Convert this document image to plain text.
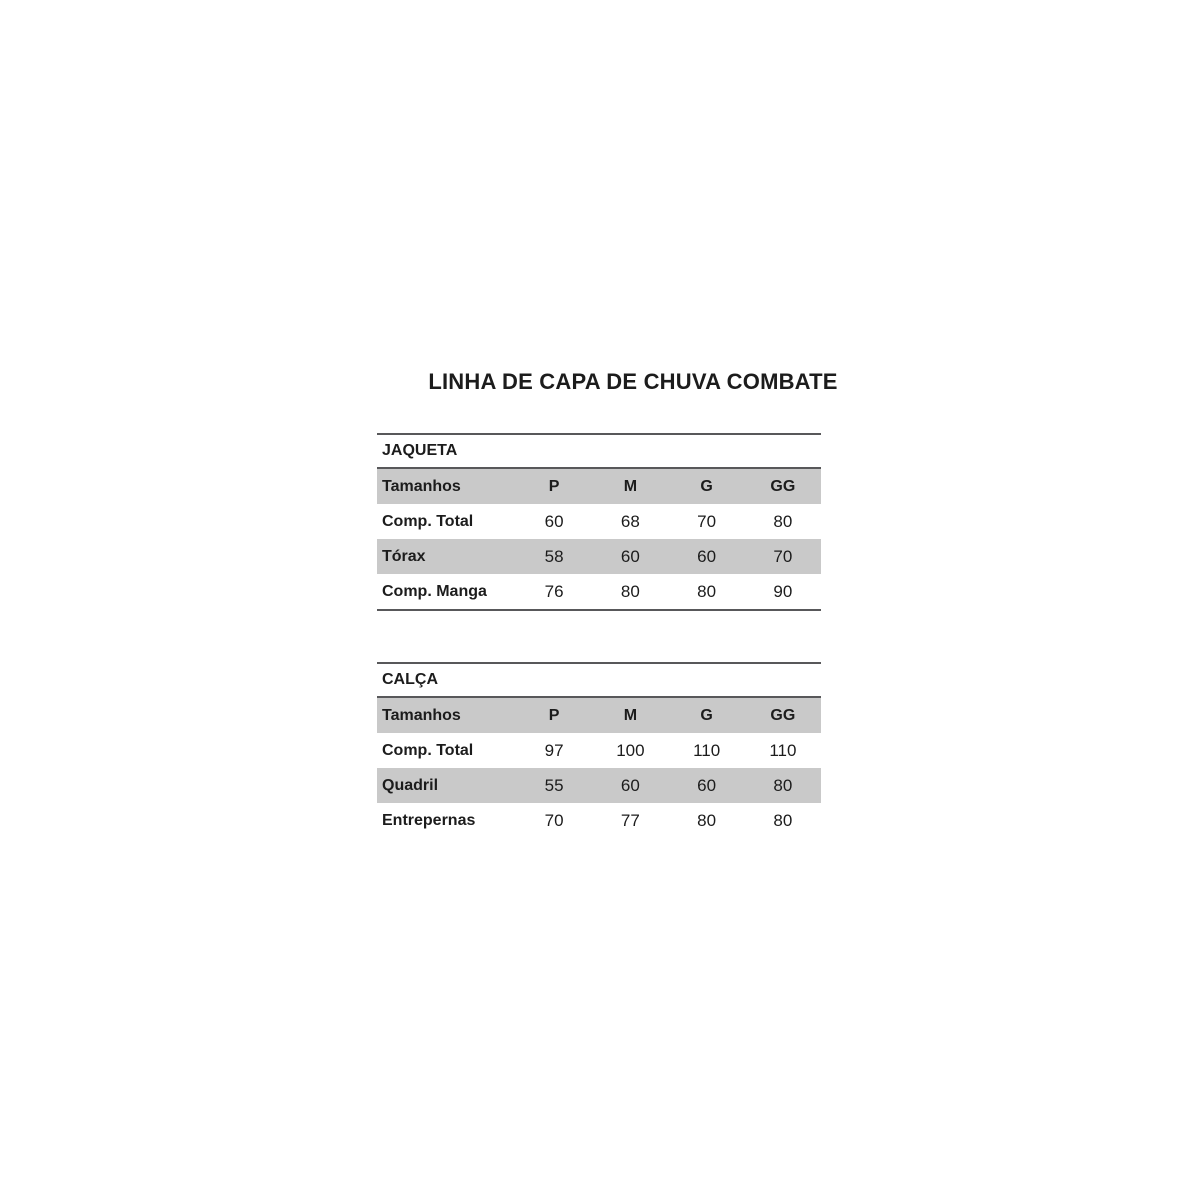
LINHA DE CAPA DE CHUVA COMBATE
JAQUETA
Tamanhos	P	M	G	GG
Comp. Total	60	68	70	80
Tórax	58	60	60	70
Comp. Manga	76	80	80	90
CALÇA
Tamanhos	P	M	G	GG
Comp. Total	97	100	110	110
Quadril	55	60	60	80
Entrepernas	70	77	80	80
